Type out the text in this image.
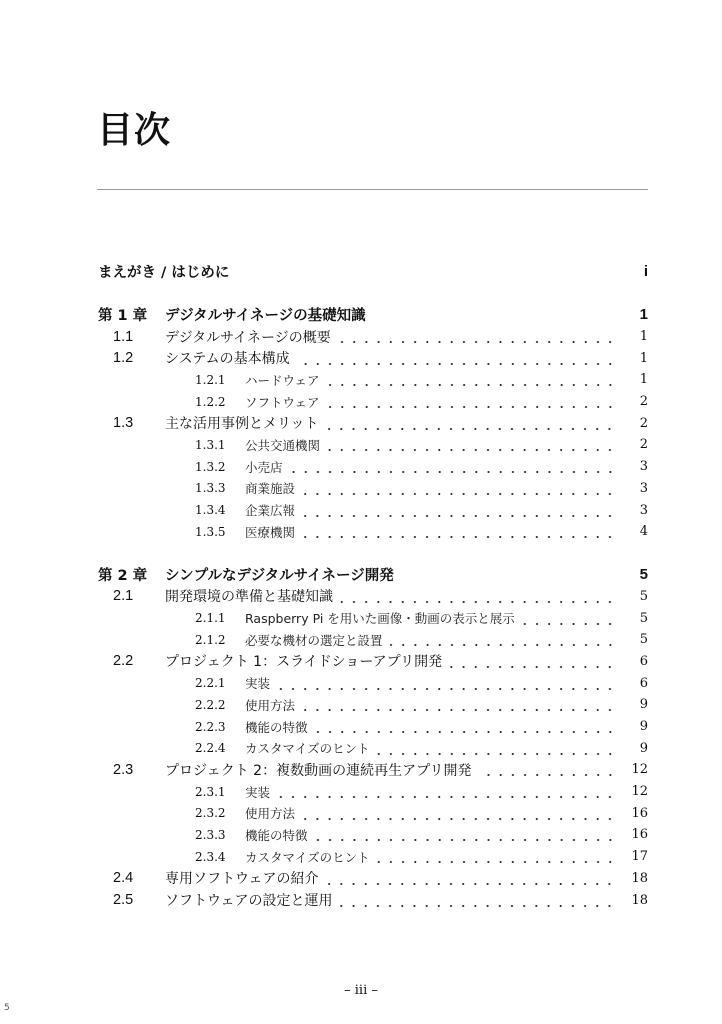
目次
まえがき / はじめに	i
第 1 章	デジタルサイネージの基礎知識	1
1.1	デジタルサイネージの概要	1
1.2	システムの基本構成	1
1.2.1	ハードウェア	1
1.2.2	ソフトウェア	2
1.3	主な活用事例とメリット	2
1.3.1	公共交通機関	2
1.3.2	小売店	3
1.3.3	商業施設	3
1.3.4	企業広報	3
1.3.5	医療機関	4
第 2 章	シンプルなデジタルサイネージ開発	5
2.1	開発環境の準備と基礎知識	5
2.1.1	Raspberry Pi を用いた画像・動画の表示と展示	5
2.1.2	必要な機材の選定と設置	5
2.2	プロジェクト 1：スライドショーアプリ開発	6
2.2.1	実装	6
2.2.2	使用方法	9
2.2.3	機能の特徴	9
2.2.4	カスタマイズのヒント	9
2.3	プロジェクト 2：複数動画の連続再生アプリ開発	12
2.3.1	実装	12
2.3.2	使用方法	16
2.3.3	機能の特徴	16
2.3.4	カスタマイズのヒント	17
2.4	専用ソフトウェアの紹介	18
2.5	ソフトウェアの設定と運用	18
– iii –
5
